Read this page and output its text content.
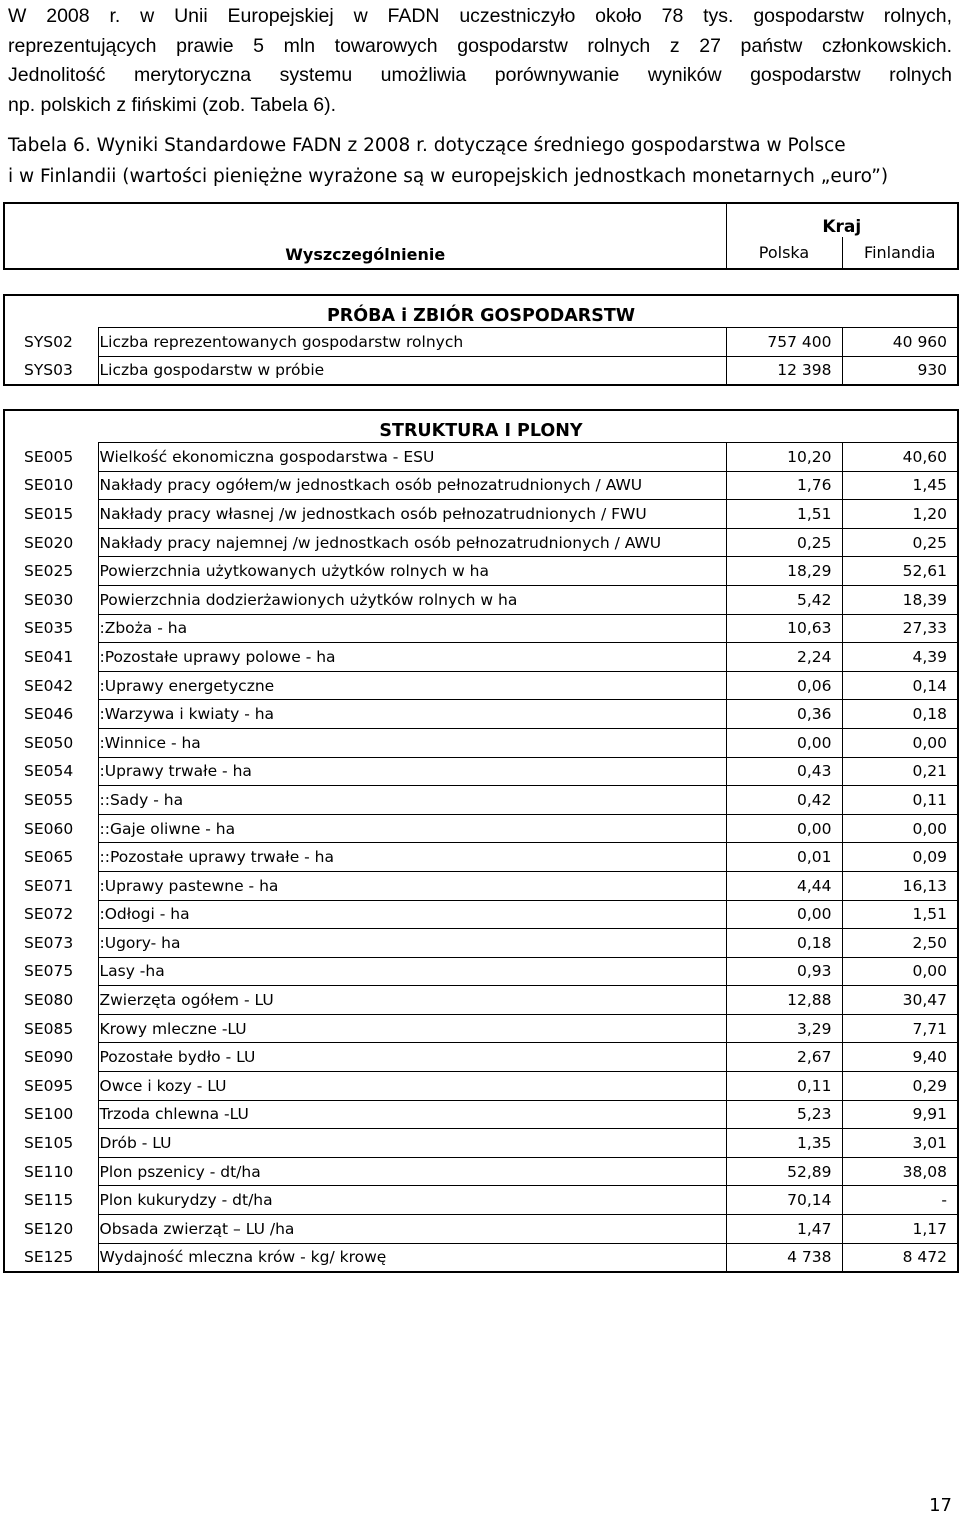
W 2008 r. w Unii Europejskiej w FADN uczestniczyło około 78 tys. gospodarstw rolnych,
reprezentujących prawie 5 mln towarowych gospodarstw rolnych z 27 państw członkowskich.
Jednolitość merytoryczna systemu umożliwia porównywanie wyników gospodarstw rolnych
np. polskich z fińskimi (zob. Tabela 6).
Tabela 6. Wyniki Standardowe FADN z 2008 r. dotyczące średniego gospodarstwa w Polsce
i w Finlandii (wartości pieniężne wyrażone są w europejskich jednostkach monetarnych „euro”)
Wyszczególnienie	Kraj	
	Polska	Finlandia
PRÓBA i ZBIÓR GOSPODARSTW			
SYS02	Liczba reprezentowanych gospodarstw rolnych	757 400	40 960
SYS03	Liczba gospodarstw w próbie	12 398	930
STRUKTURA I PLONY			
SE005	Wielkość ekonomiczna gospodarstwa - ESU	10,20	40,60
SE010	Nakłady pracy ogółem/w jednostkach osób pełnozatrudnionych / AWU	1,76	1,45
SE015	Nakłady pracy własnej /w jednostkach osób pełnozatrudnionych / FWU	1,51	1,20
SE020	Nakłady pracy najemnej /w jednostkach osób pełnozatrudnionych / AWU	0,25	0,25
SE025	Powierzchnia użytkowanych użytków rolnych w ha	18,29	52,61
SE030	Powierzchnia dodzierżawionych użytków rolnych w ha	5,42	18,39
SE035	:Zboża - ha	10,63	27,33
SE041	:Pozostałe uprawy polowe - ha	2,24	4,39
SE042	:Uprawy energetyczne	0,06	0,14
SE046	:Warzywa i kwiaty - ha	0,36	0,18
SE050	:Winnice - ha	0,00	0,00
SE054	:Uprawy trwałe - ha	0,43	0,21
SE055	::Sady - ha	0,42	0,11
SE060	::Gaje oliwne - ha	0,00	0,00
SE065	::Pozostałe uprawy trwałe - ha	0,01	0,09
SE071	:Uprawy pastewne - ha	4,44	16,13
SE072	:Odłogi - ha	0,00	1,51
SE073	:Ugory- ha	0,18	2,50
SE075	Lasy -ha	0,93	0,00
SE080	Zwierzęta ogółem - LU	12,88	30,47
SE085	Krowy mleczne -LU	3,29	7,71
SE090	Pozostałe bydło - LU	2,67	9,40
SE095	Owce i kozy - LU	0,11	0,29
SE100	Trzoda chlewna -LU	5,23	9,91
SE105	Drób - LU	1,35	3,01
SE110	Plon pszenicy - dt/ha	52,89	38,08
SE115	Plon kukurydzy - dt/ha	70,14	-
SE120	Obsada zwierząt – LU /ha	1,47	1,17
SE125	Wydajność mleczna krów - kg/ krowę	4 738	8 472
17
